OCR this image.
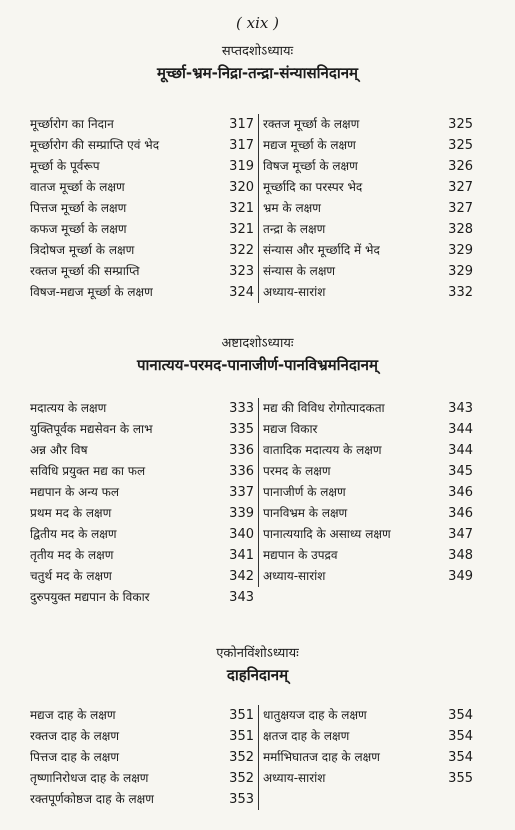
( xix )
सप्तदशोऽध्यायः
मूर्च्छा-भ्रम-निद्रा-तन्द्रा-संन्यासनिदानम्
मूर्च्छारोग का निदान	317
मूर्च्छारोग की सम्प्राप्ति एवं भेद	317
मूर्च्छा के पूर्वरूप	319
वातज मूर्च्छा के लक्षण	320
पित्तज मूर्च्छा के लक्षण	321
कफज मूर्च्छा के लक्षण	321
त्रिदोषज मूर्च्छा के लक्षण	322
रक्तज मूर्च्छा की सम्प्राप्ति	323
विषज-मद्यज मूर्च्छा के लक्षण	324
रक्तज मूर्च्छा के लक्षण	325
मद्यज मूर्च्छा के लक्षण	325
विषज मूर्च्छा के लक्षण	326
मूर्च्छादि का परस्पर भेद	327
भ्रम के लक्षण	327
तन्द्रा के लक्षण	328
संन्यास और मूर्च्छादि में भेद	329
संन्यास के लक्षण	329
अध्याय-सारांश	332
अष्टादशोऽध्यायः
पानात्यय-परमद-पानाजीर्ण-पानविभ्रमनिदानम्
मदात्यय के लक्षण	333
युक्तिपूर्वक मद्यसेवन के लाभ	335
अन्न और विष	336
सविधि प्रयुक्त मद्य का फल	336
मद्यपान के अन्य फल	337
प्रथम मद के लक्षण	339
द्वितीय मद के लक्षण	340
तृतीय मद के लक्षण	341
चतुर्थ मद के लक्षण	342
दुरुपयुक्त मद्यपान के विकार	343
मद्य की विविध रोगोत्पादकता	343
मद्यज विकार	344
वातादिक मदात्यय के लक्षण	344
परमद के लक्षण	345
पानाजीर्ण के लक्षण	346
पानविभ्रम के लक्षण	346
पानात्ययादि के असाध्य लक्षण	347
मद्यपान के उपद्रव	348
अध्याय-सारांश	349
एकोनविंशोऽध्यायः
दाहनिदानम्
मद्यज दाह के लक्षण	351
रक्तज दाह के लक्षण	351
पित्तज दाह के लक्षण	352
तृष्णानिरोधज दाह के लक्षण	352
रक्तपूर्णकोष्ठज दाह के लक्षण	353
धातुक्षयज दाह के लक्षण	354
क्षतज दाह के लक्षण	354
मर्माभिघातज दाह के लक्षण	354
अध्याय-सारांश	355
